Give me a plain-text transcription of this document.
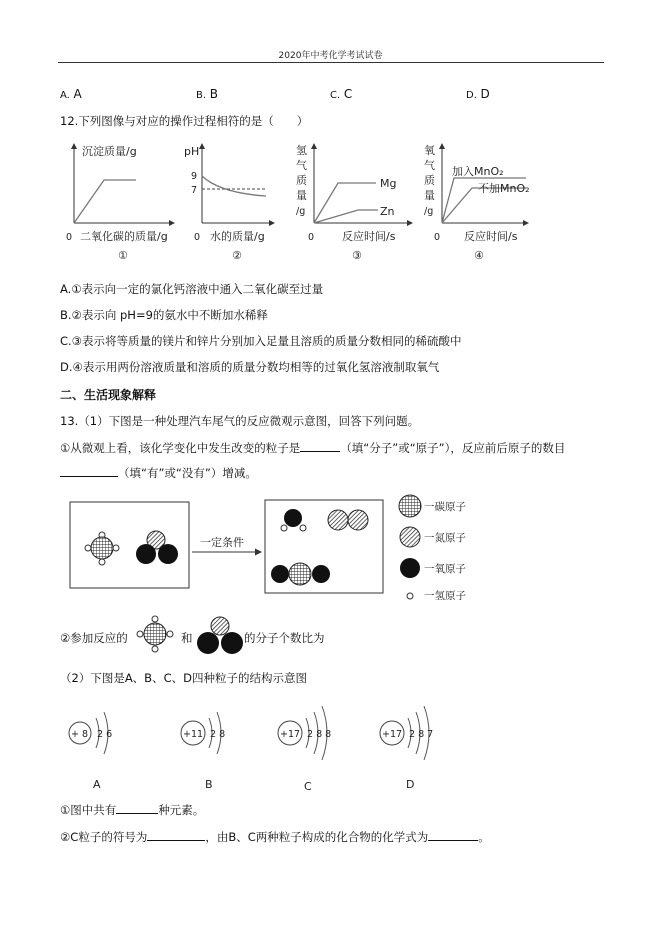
2020年中考化学考试试卷
A. A	B. B	C. C	D. D
12.下列图像与对应的操作过程相符的是（　　）
沉淀质量/g
0 二氧化碳的质量/g
①
pH
9
7
0 水的质量/g
②
氢
气
质
量
/g
Mg
Zn
0	反应时间/s
③
氧
气
质
量
/g
加入MnO₂
不加MnO₂
0 反应时间/s
④
A.①表示向一定的氯化钙溶液中通入二氧化碳至过量
B.②表示向 pH=9的氨水中不断加水稀释
C.③表示将等质量的镁片和锌片分别加入足量且溶质的质量分数相同的稀硫酸中
D.④表示用两份溶液质量和溶质的质量分数均相等的过氧化氢溶液制取氧气
二、生活现象解释
13.（1）下图是一种处理汽车尾气的反应微观示意图，回答下列问题。
①从微观上看，该化学变化中发生改变的粒子是	（填“分子”或“原子”），反应前后原子的数目
（填“有”或“没有”）增减。
一定条件
一碳原子
一氮原子
一氧原子
一氢原子
②参加反应的	和	的分子个数比为
（2）下图是A、B、C、D四种粒子的结构示意图
+ 8 2 6
A
+11 2 8
B
+17 2 8 8
C
+17 2 8 7
D
①图中共有	种元素。
②C粒子的符号为	，由B、C两种粒子构成的化合物的化学式为	。
